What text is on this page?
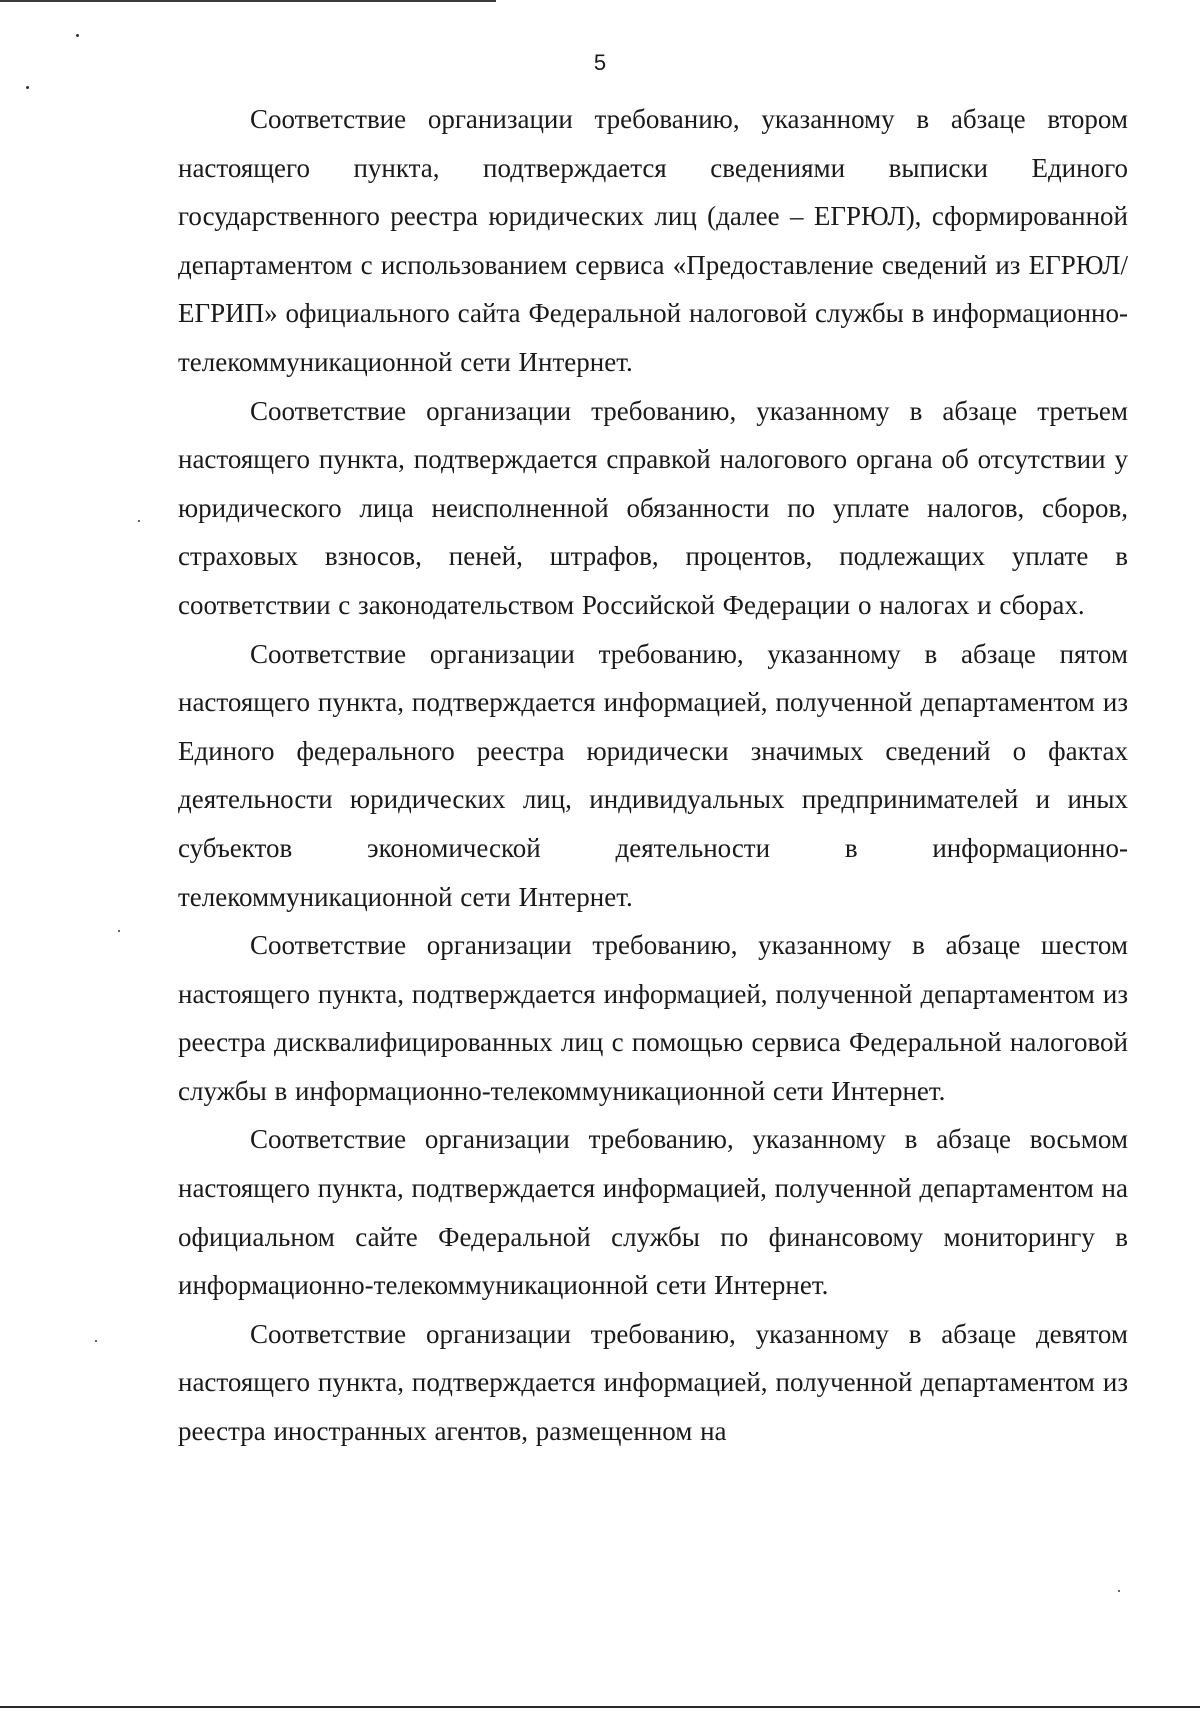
5

Соответствие организации требованию, указанному в абзаце втором настоящего пункта, подтверждается сведениями выписки Единого государственного реестра юридических лиц (далее – ЕГРЮЛ), сформированной департаментом с использованием сервиса «Предоставление сведений из ЕГРЮЛ/ЕГРИП» официального сайта Федеральной налоговой службы в информационно-телекоммуникационной сети Интернет.

Соответствие организации требованию, указанному в абзаце третьем настоящего пункта, подтверждается справкой налогового органа об отсутствии у юридического лица неисполненной обязанности по уплате налогов, сборов, страховых взносов, пеней, штрафов, процентов, подлежащих уплате в соответствии с законодательством Российской Федерации о налогах и сборах.

Соответствие организации требованию, указанному в абзаце пятом настоящего пункта, подтверждается информацией, полученной департаментом из Единого федерального реестра юридически значимых сведений о фактах деятельности юридических лиц, индивидуальных предпринимателей и иных субъектов экономической деятельности в информационно-телекоммуникационной сети Интернет.

Соответствие организации требованию, указанному в абзаце шестом настоящего пункта, подтверждается информацией, полученной департаментом из реестра дисквалифицированных лиц с помощью сервиса Федеральной налоговой службы в информационно-телекоммуникационной сети Интернет.

Соответствие организации требованию, указанному в абзаце восьмом настоящего пункта, подтверждается информацией, полученной департаментом на официальном сайте Федеральной службы по финансовому мониторингу в информационно-телекоммуникационной сети Интернет.

Соответствие организации требованию, указанному в абзаце девятом настоящего пункта, подтверждается информацией, полученной департаментом из реестра иностранных агентов, размещенном на
